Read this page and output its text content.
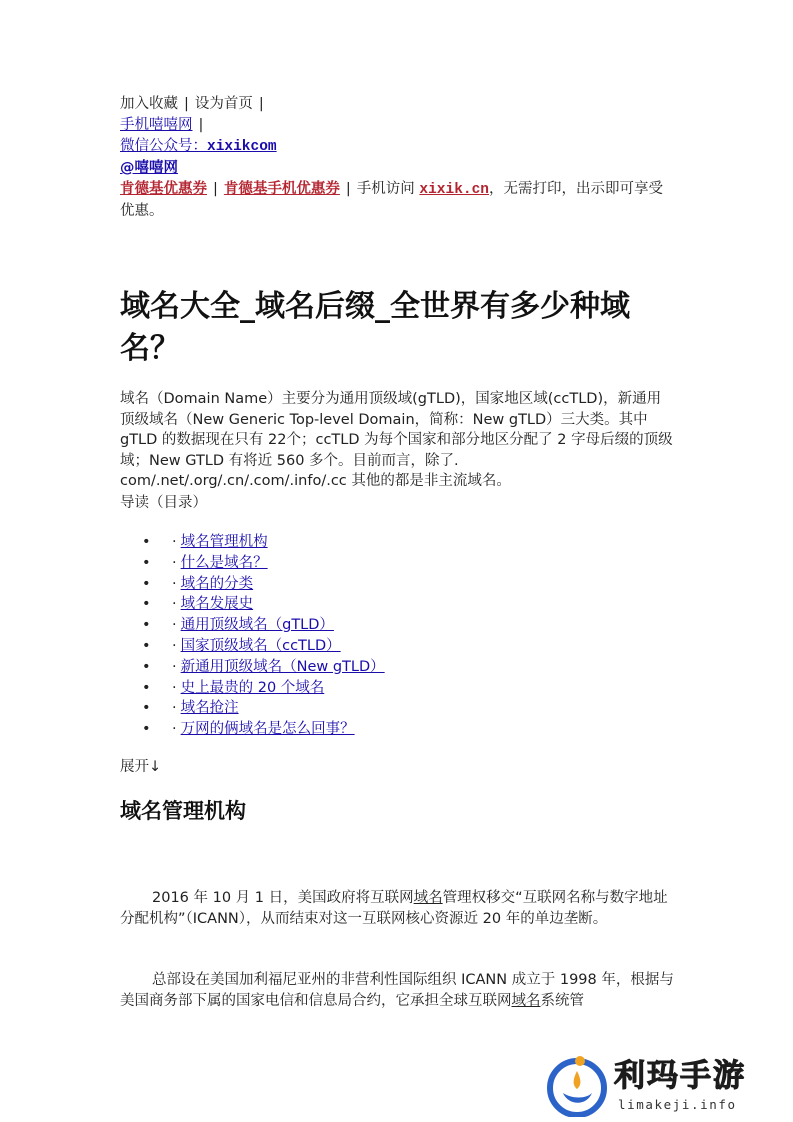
加入收藏 | 设为首页 |
手机嘻嘻网 |
微信公众号：xixikcom
@嘻嘻网
肯德基优惠券 | 肯德基手机优惠券 | 手机访问 xixik.cn，无需打印，出示即可享受优惠。
域名大全_域名后缀_全世界有多少种域名？
域名（Domain Name）主要分为通用顶级域(gTLD)，国家地区域(ccTLD)，新通用顶级域名（New Generic Top-level Domain，简称：New gTLD）三大类。其中 gTLD 的数据现在只有 22个；ccTLD 为每个国家和部分地区分配了 2 字母后缀的顶级域；New GTLD 有将近 560 多个。目前而言，除了. com/.net/.org/.cn/.com/.info/.cc 其他的都是非主流域名。
导读（目录）
• · 域名管理机构
• · 什么是域名？
• · 域名的分类
• · 域名发展史
• · 通用顶级域名（gTLD）
• · 国家顶级域名（ccTLD）
• · 新通用顶级域名（New gTLD）
• · 史上最贵的 20 个域名
• · 域名抢注
• · 万网的俩域名是怎么回事？
展开↓
域名管理机构
2016 年 10 月 1 日，美国政府将互联网域名管理权移交“互联网名称与数字地址分配机构”（ICANN），从而结束对这一互联网核心资源近 20 年的单边垄断。
总部设在美国加利福尼亚州的非营利性国际组织 ICANN 成立于 1998 年，根据与美国商务部下属的国家电信和信息局合约，它承担全球互联网域名系统管
利玛手游
limakeji.info
